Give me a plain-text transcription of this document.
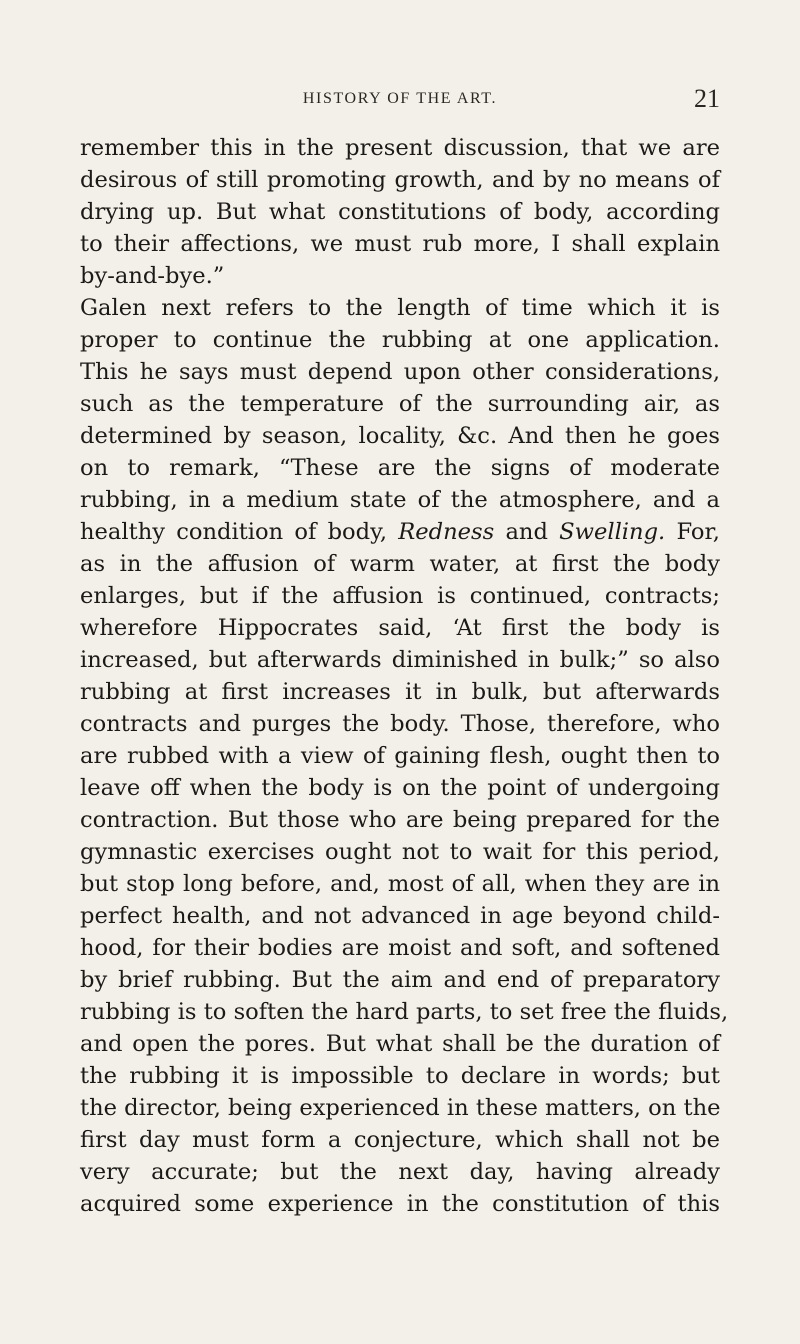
HISTORY OF THE ART.	21
remember this in the present discussion, that we are
desirous of still promoting growth, and by no means of
drying up. But what constitutions of body, according
to their affections, we must rub more, I shall explain
by-and-bye.”
Galen next refers to the length of time which it is
proper to continue the rubbing at one application.
This he says must depend upon other considerations,
such as the temperature of the surrounding air, as
determined by season, locality, &c. And then he goes
on to remark, “These are the signs of moderate
rubbing, in a medium state of the atmosphere, and a
healthy condition of body, Redness and Swelling. For,
as in the affusion of warm water, at first the body
enlarges, but if the affusion is continued, contracts;
wherefore Hippocrates said, ‘At first the body is
increased, but afterwards diminished in bulk;” so also
rubbing at first increases it in bulk, but afterwards
contracts and purges the body. Those, therefore, who
are rubbed with a view of gaining flesh, ought then to
leave off when the body is on the point of undergoing
contraction. But those who are being prepared for the
gymnastic exercises ought not to wait for this period,
but stop long before, and, most of all, when they are in
perfect health, and not advanced in age beyond child-
hood, for their bodies are moist and soft, and softened
by brief rubbing. But the aim and end of preparatory
rubbing is to soften the hard parts, to set free the fluids,
and open the pores. But what shall be the duration of
the rubbing it is impossible to declare in words; but
the director, being experienced in these matters, on the
first day must form a conjecture, which shall not be
very accurate; but the next day, having already
acquired some experience in the constitution of this
